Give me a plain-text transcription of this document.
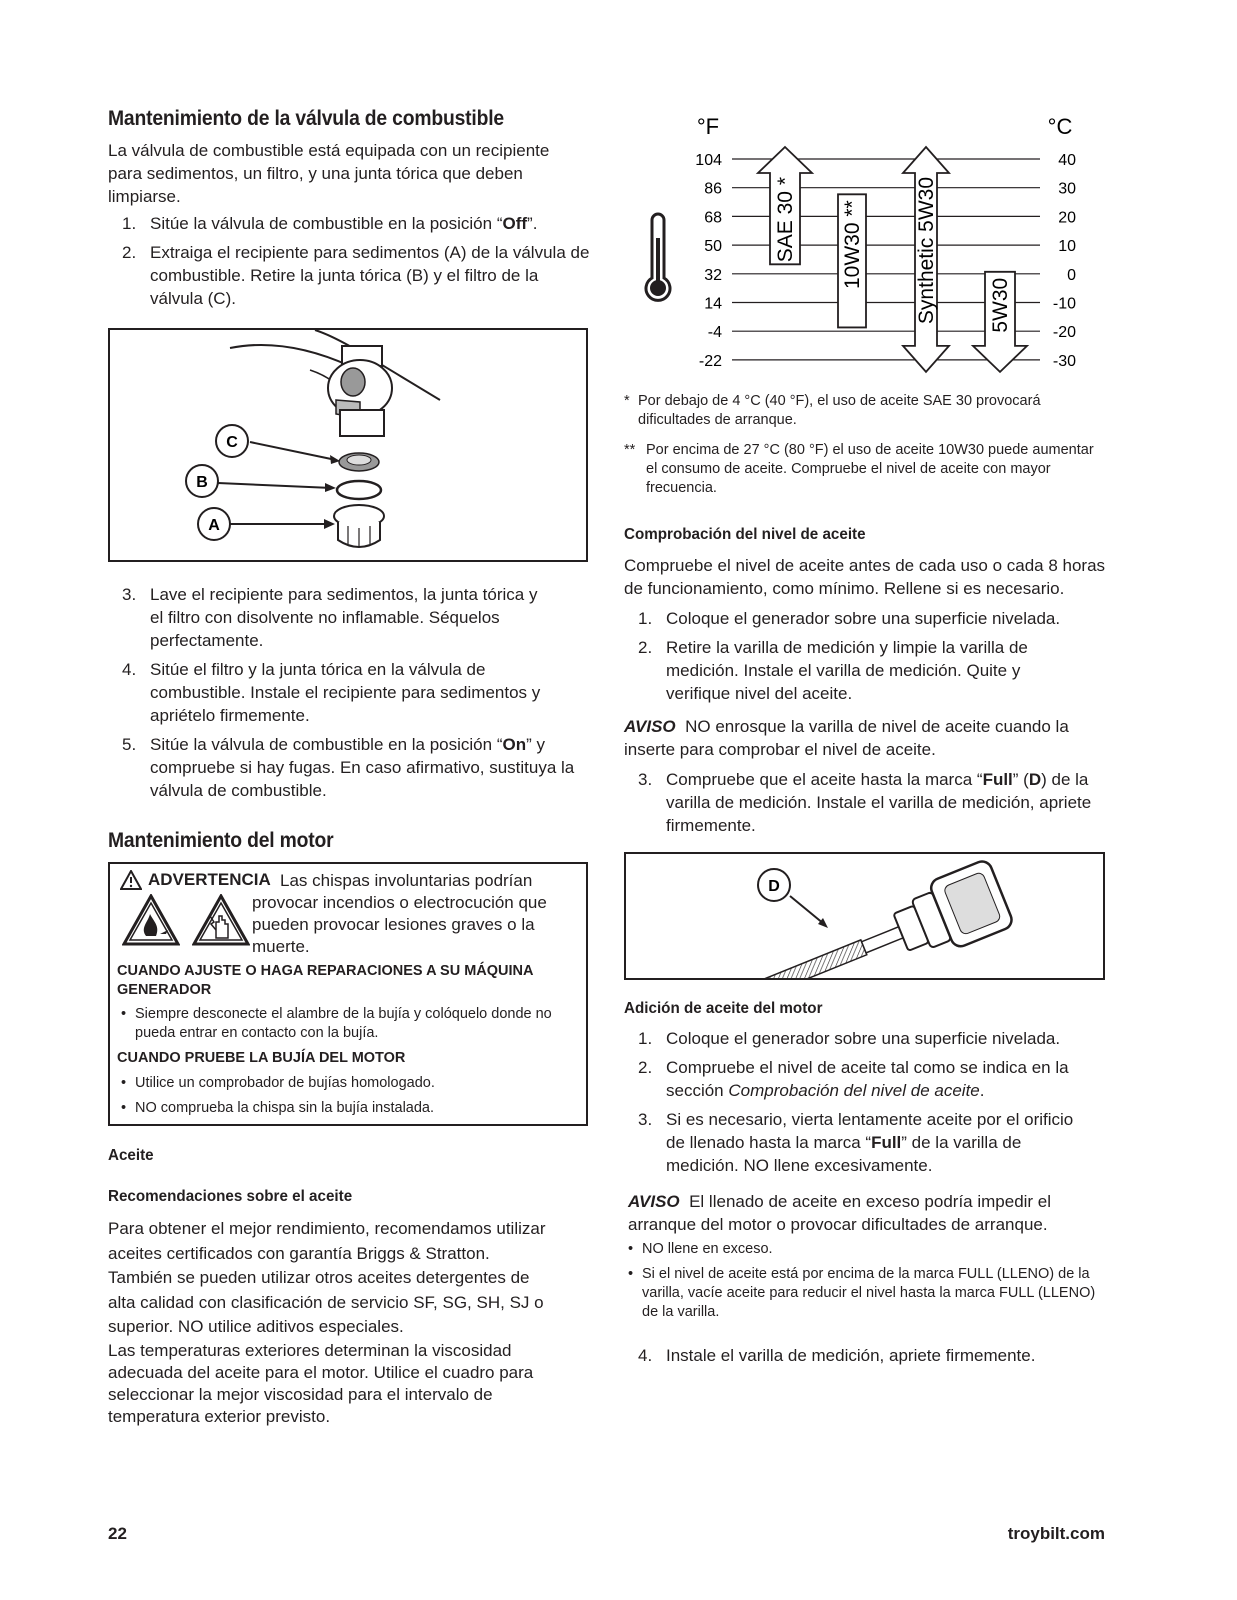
Mantenimiento de la válvula de combustible

La válvula de combustible está equipada con un recipiente para sedimentos, un filtro, y una junta tórica que deben limpiarse.

1. Sitúe la válvula de combustible en la posición “Off”.
2. Extraiga el recipiente para sedimentos (A) de la válvula de combustible. Retire la junta tórica (B) y el filtro de la válvula (C).
C
B
A
3. Lave el recipiente para sedimentos, la junta tórica y el filtro con disolvente no inflamable. Séquelos perfectamente.
4. Sitúe el filtro y la junta tórica en la válvula de combustible. Instale el recipiente para sedimentos y apriételo firmemente.
5. Sitúe la válvula de combustible en la posición “On” y compruebe si hay fugas. En caso afirmativo, sustituya la válvula de combustible.
Mantenimiento del motor
ADVERTENCIA Las chispas involuntarias podrían provocar incendios o electrocución que pueden provocar lesiones graves o la muerte.
CUANDO AJUSTE O HAGA REPARACIONES A SU MÁQUINA GENERADOR
• Siempre desconecte el alambre de la bujía y colóquelo donde no pueda entrar en contacto con la bujía.
CUANDO PRUEBE LA BUJÍA DEL MOTOR
• Utilice un comprobador de bujías homologado.
• NO comprueba la chispa sin la bujía instalada.
Aceite
Recomendaciones sobre el aceite

Para obtener el mejor rendimiento, recomendamos utilizar aceites certificados con garantía Briggs & Stratton. También se pueden utilizar otros aceites detergentes de alta calidad con clasificación de servicio SF, SG, SH, SJ o superior. NO utilice aditivos especiales.

Las temperaturas exteriores determinan la viscosidad adecuada del aceite para el motor. Utilice el cuadro para seleccionar la mejor viscosidad para el intervalo de temperatura exterior previsto.

°F	°C
104	40
86	30
68	20
50	10
32	0
14	-10
-4	-20
-22	-30
SAE 30 * 10W30 ** Synthetic 5W30 5W30
* Por debajo de 4 °C (40 °F), el uso de aceite SAE 30 provocará dificultades de arranque.
** Por encima de 27 °C (80 °F) el uso de aceite 10W30 puede aumentar el consumo de aceite. Compruebe el nivel de aceite con mayor frecuencia.
Comprobación del nivel de aceite

Compruebe el nivel de aceite antes de cada uso o cada 8 horas de funcionamiento, como mínimo. Rellene si es necesario.

1. Coloque el generador sobre una superficie nivelada.
2. Retire la varilla de medición y limpie la varilla de medición. Instale el varilla de medición. Quite y verifique nivel del aceite.

AVISO NO enrosque la varilla de nivel de aceite cuando la inserte para comprobar el nivel de aceite.

3. Compruebe que el aceite hasta la marca “Full” (D) de la varilla de medición. Instale el varilla de medición, apriete firmemente.
D
Adición de aceite del motor
1. Coloque el generador sobre una superficie nivelada.
2. Compruebe el nivel de aceite tal como se indica en la sección Comprobación del nivel de aceite.
3. Si es necesario, vierta lentamente aceite por el orificio de llenado hasta la marca “Full” de la varilla de medición. NO llene excesivamente.

AVISO El llenado de aceite en exceso podría impedir el arranque del motor o provocar dificultades de arranque.

• NO llene en exceso.
• Si el nivel de aceite está por encima de la marca FULL (LLENO) de la varilla, vacíe aceite para reducir el nivel hasta la marca FULL (LLENO) de la varilla.
4. Instale el varilla de medición, apriete firmemente.
22	troybilt.com
